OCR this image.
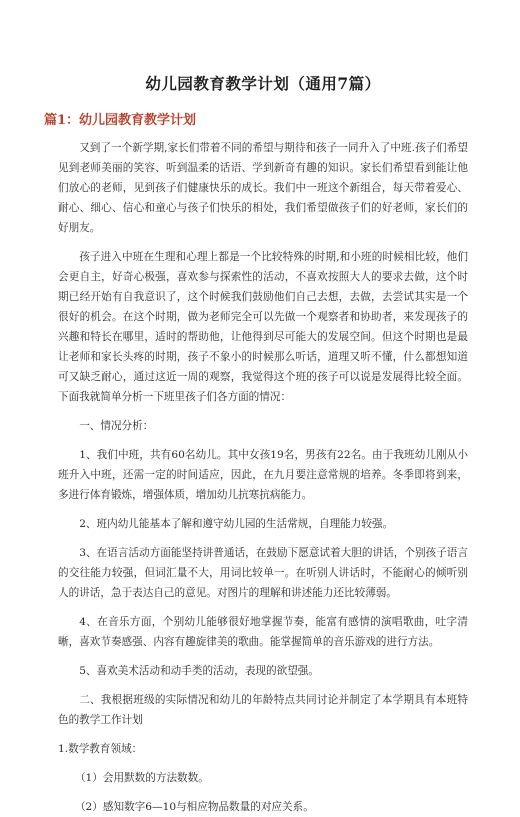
幼儿园教育教学计划（通用7篇）
篇1：幼儿园教育教学计划

又到了一个新学期,家长们带着不同的希望与期待和孩子一同升入了中班.孩子们希望见到老师美丽的笑容、听到温柔的话语、学到新奇有趣的知识。家长们希望看到能让他们放心的老师，见到孩子们健康快乐的成长。我们中一班这个新组合，每天带着爱心、耐心、细心、信心和童心与孩子们快乐的相处，我们希望做孩子们的好老师，家长们的好朋友。

孩子进入中班在生理和心理上都是一个比较特殊的时期,和小班的时候相比较，他们会更自主，好奇心极强，喜欢参与探索性的活动，不喜欢按照大人的要求去做，这个时期已经开始有自我意识了，这个时候我们鼓励他们自己去想，去做，去尝试其实是一个很好的机会。在这个时期，做为老师完全可以先做一个观察者和协助者，来发现孩子的兴趣和特长在哪里，适时的帮助他，让他得到尽可能大的发展空间。但这个时期也是最让老师和家长头疼的时期，孩子不象小的时候那么听话，道理又听不懂，什么都想知道可又缺乏耐心，通过这近一周的观察，我觉得这个班的孩子可以说是发展得比较全面。下面我就简单分析一下班里孩子们各方面的情况：

一、情况分析：

1、我们中班，共有60名幼儿。其中女孩19名，男孩有22名。由于我班幼儿刚从小班升入中班，还需一定的时间适应，因此，在九月要注意常规的培养。冬季即将到来，多进行体育锻炼，增强体质，增加幼儿抗寒抗病能力。

2、班内幼儿能基本了解和遵守幼儿园的生活常规，自理能力较强。

3、在语言活动方面能坚持讲普通话，在鼓励下愿意试着大胆的讲话，个别孩子语言的交往能力较强，但词汇量不大，用词比较单一。在听别人讲话时，不能耐心的倾听别人的讲话，急于表达自己的意见。对图片的理解和讲述能力还比较薄弱。

4、在音乐方面，个别幼儿能够很好地掌握节奏，能富有感情的演唱歌曲，吐字清晰，喜欢节奏感强、内容有趣旋律美的歌曲。能掌握简单的音乐游戏的进行方法。

5、喜欢美术活动和动手类的活动，表现的欲望强。

二、我根据班级的实际情况和幼儿的年龄特点共同讨论并制定了本学期具有本班特色的教学工作计划

1.数学教育领域：

（1）会用默数的方法数数。

（2）感知数字6—10与相应物品数量的对应关系。
